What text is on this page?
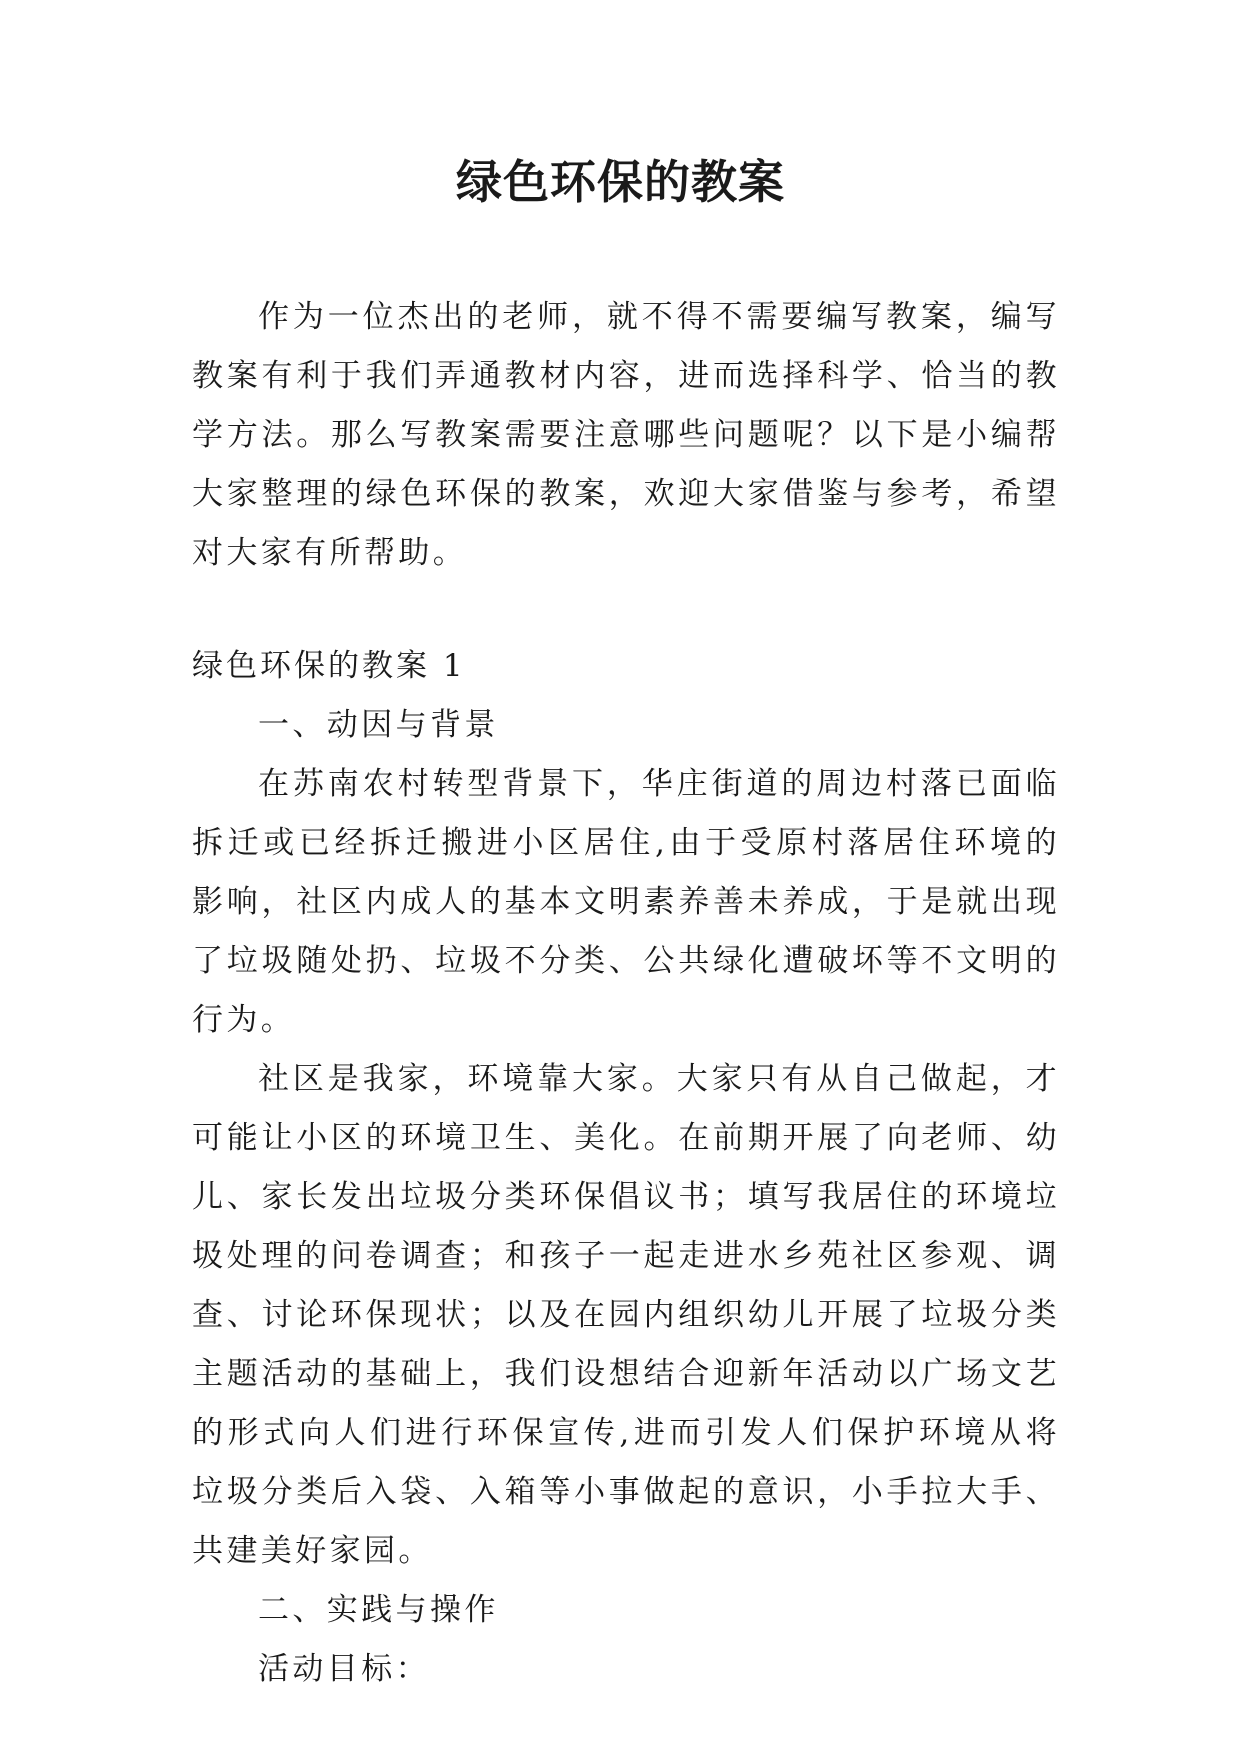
绿色环保的教案

作为一位杰出的老师，就不得不需要编写教案，编写教案有利于我们弄通教材内容，进而选择科学、恰当的教学方法。那么写教案需要注意哪些问题呢？以下是小编帮大家整理的绿色环保的教案，欢迎大家借鉴与参考，希望对大家有所帮助。

绿色环保的教案 1

一、动因与背景

在苏南农村转型背景下，华庄街道的周边村落已面临拆迁或已经拆迁搬进小区居住,由于受原村落居住环境的影响，社区内成人的基本文明素养善未养成，于是就出现了垃圾随处扔、垃圾不分类、公共绿化遭破坏等不文明的行为。

社区是我家，环境靠大家。大家只有从自己做起，才可能让小区的环境卫生、美化。在前期开展了向老师、幼儿、家长发出垃圾分类环保倡议书；填写我居住的环境垃圾处理的问卷调查；和孩子一起走进水乡苑社区参观、调查、讨论环保现状；以及在园内组织幼儿开展了垃圾分类主题活动的基础上，我们设想结合迎新年活动以广场文艺的形式向人们进行环保宣传,进而引发人们保护环境从将垃圾分类后入袋、入箱等小事做起的意识，小手拉大手、共建美好家园。

二、实践与操作

活动目标：
